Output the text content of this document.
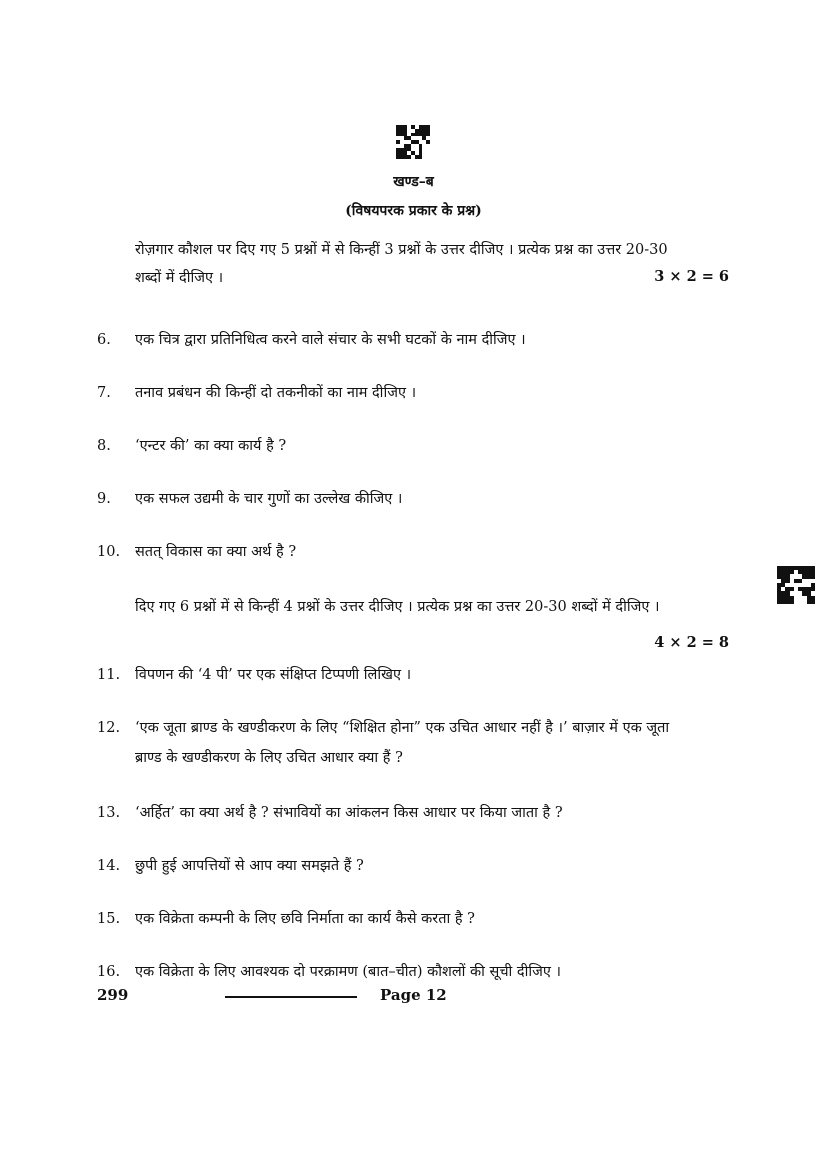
खण्ड–ब
(विषयपरक प्रकार के प्रश्न)
रोज़गार कौशल पर दिए गए 5 प्रश्नों में से किन्हीं 3 प्रश्नों के उत्तर दीजिए । प्रत्येक प्रश्न का उत्तर 20-30
शब्दों में दीजिए ।	3 × 2 = 6
6. एक चित्र द्वारा प्रतिनिधित्व करने वाले संचार के सभी घटकों के नाम दीजिए ।
7. तनाव प्रबंधन की किन्हीं दो तकनीकों का नाम दीजिए ।
8. ‘एन्टर की’ का क्या कार्य है ?
9. एक सफल उद्यमी के चार गुणों का उल्लेख कीजिए ।
10. सतत् विकास का क्या अर्थ है ?
दिए गए 6 प्रश्नों में से किन्हीं 4 प्रश्नों के उत्तर दीजिए । प्रत्येक प्रश्न का उत्तर 20-30 शब्दों में दीजिए ।
4 × 2 = 8
11. विपणन की ‘4 पी’ पर एक संक्षिप्त टिप्पणी लिखिए ।
12. ‘एक जूता ब्राण्ड के खण्डीकरण के लिए “शिक्षित होना” एक उचित आधार नहीं है ।’ बाज़ार में एक जूता
ब्राण्ड के खण्डीकरण के लिए उचित आधार क्या हैं ?
13. ‘अर्हित’ का क्या अर्थ है ? संभावियों का आंकलन किस आधार पर किया जाता है ?
14. छुपी हुई आपत्तियों से आप क्या समझते हैं ?
15. एक विक्रेता कम्पनी के लिए छवि निर्माता का कार्य कैसे करता है ?
16. एक विक्रेता के लिए आवश्यक दो परक्रामण (बात–चीत) कौशलों की सूची दीजिए ।
299	Page 12
